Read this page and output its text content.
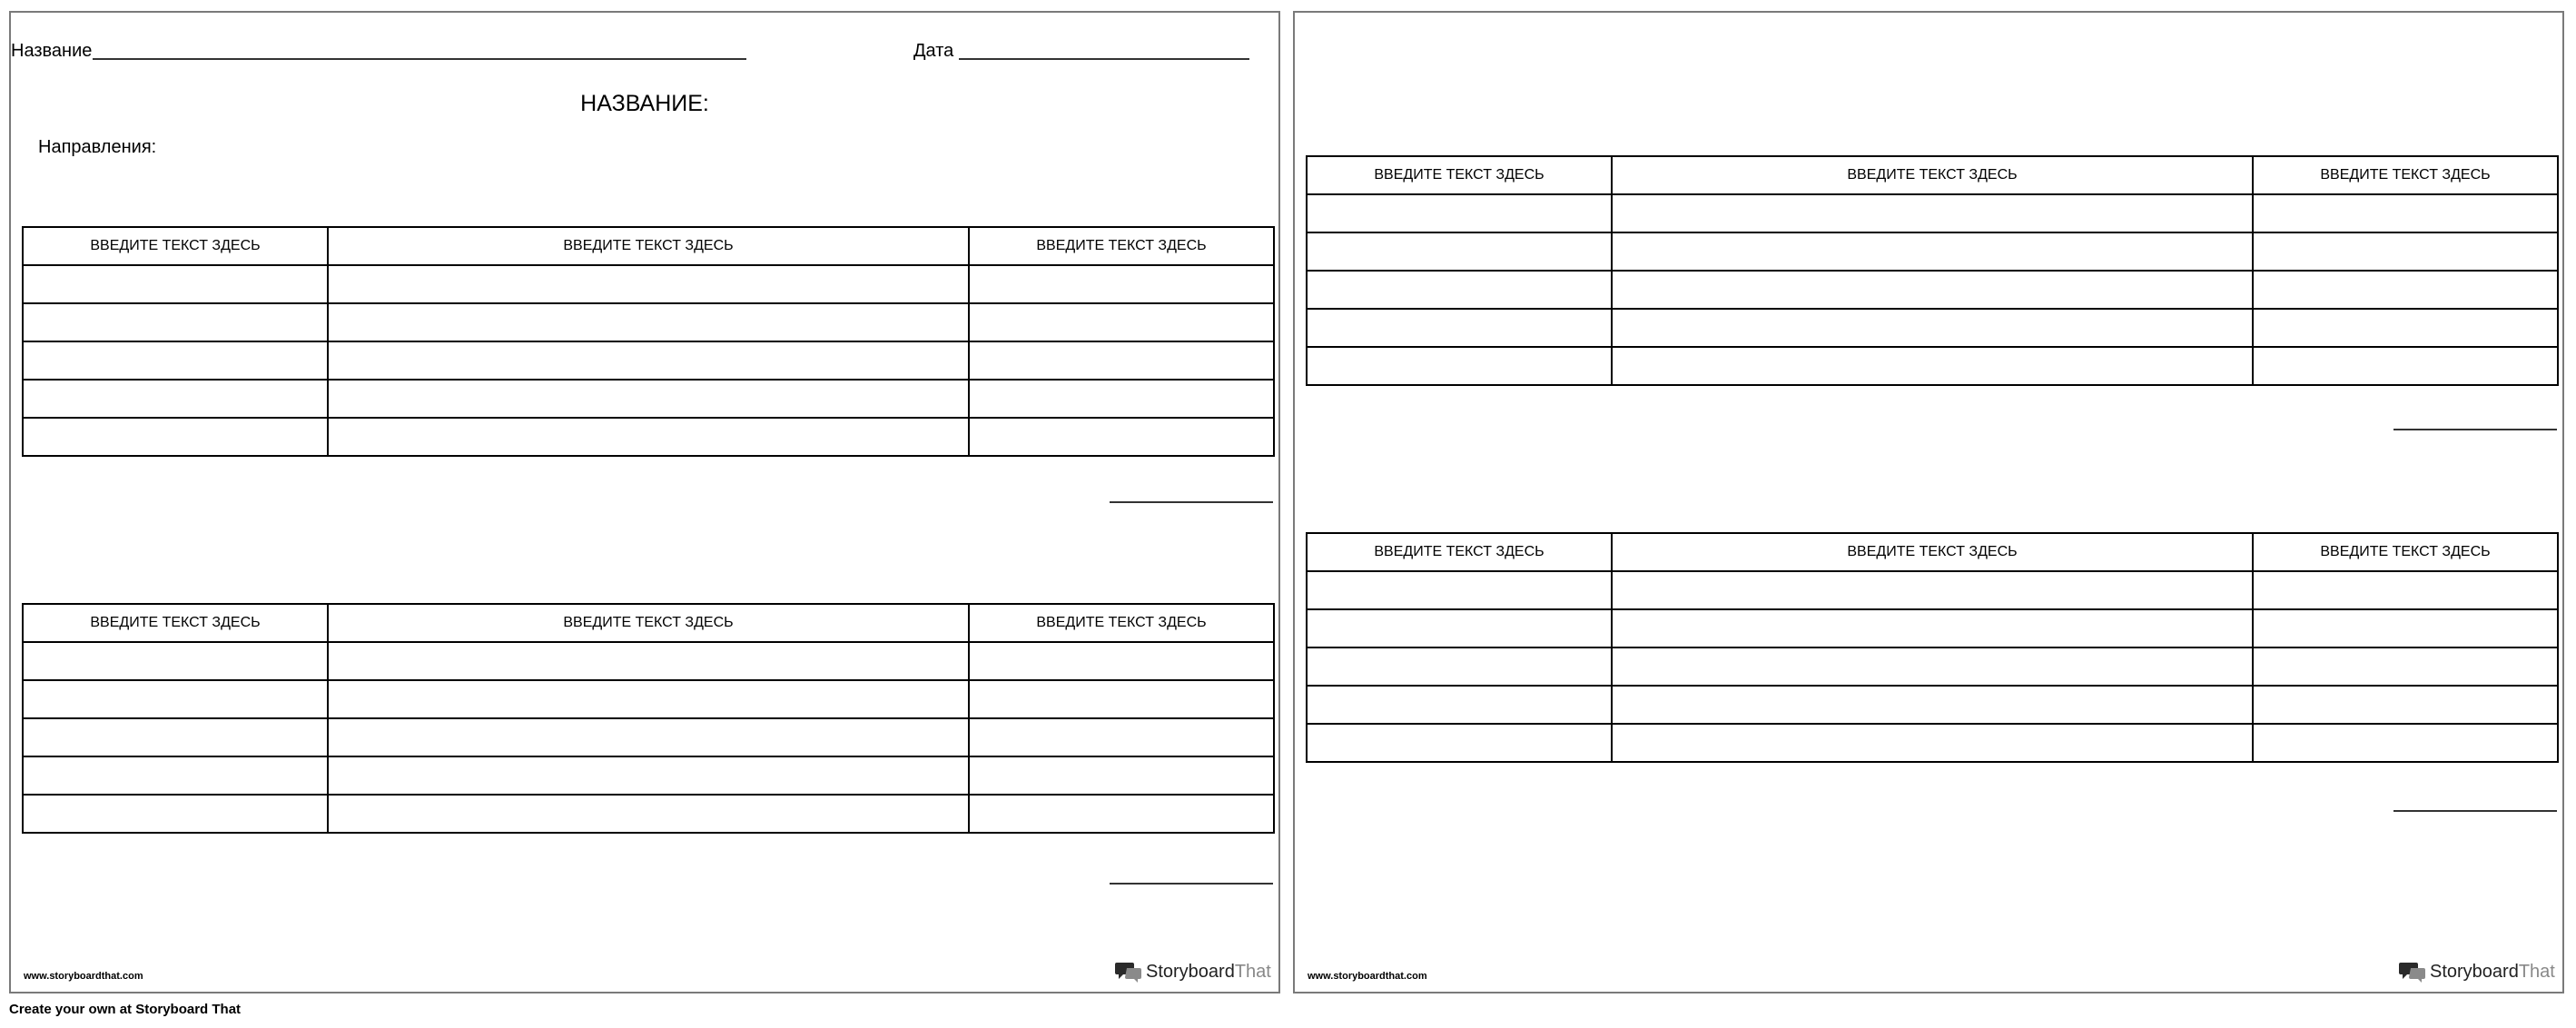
Название	Дата
НАЗВАНИЕ:
Направления:
ВВЕДИТЕ ТЕКСТ ЗДЕСЬ	ВВЕДИТЕ ТЕКСТ ЗДЕСЬ	ВВЕДИТЕ ТЕКСТ ЗДЕСЬ

ВВЕДИТЕ ТЕКСТ ЗДЕСЬ	ВВЕДИТЕ ТЕКСТ ЗДЕСЬ	ВВЕДИТЕ ТЕКСТ ЗДЕСЬ

www.storyboardthat.com	StoryboardThat
ВВЕДИТЕ ТЕКСТ ЗДЕСЬ	ВВЕДИТЕ ТЕКСТ ЗДЕСЬ	ВВЕДИТЕ ТЕКСТ ЗДЕСЬ

ВВЕДИТЕ ТЕКСТ ЗДЕСЬ	ВВЕДИТЕ ТЕКСТ ЗДЕСЬ	ВВЕДИТЕ ТЕКСТ ЗДЕСЬ

www.storyboardthat.com	StoryboardThat
Create your own at Storyboard That
